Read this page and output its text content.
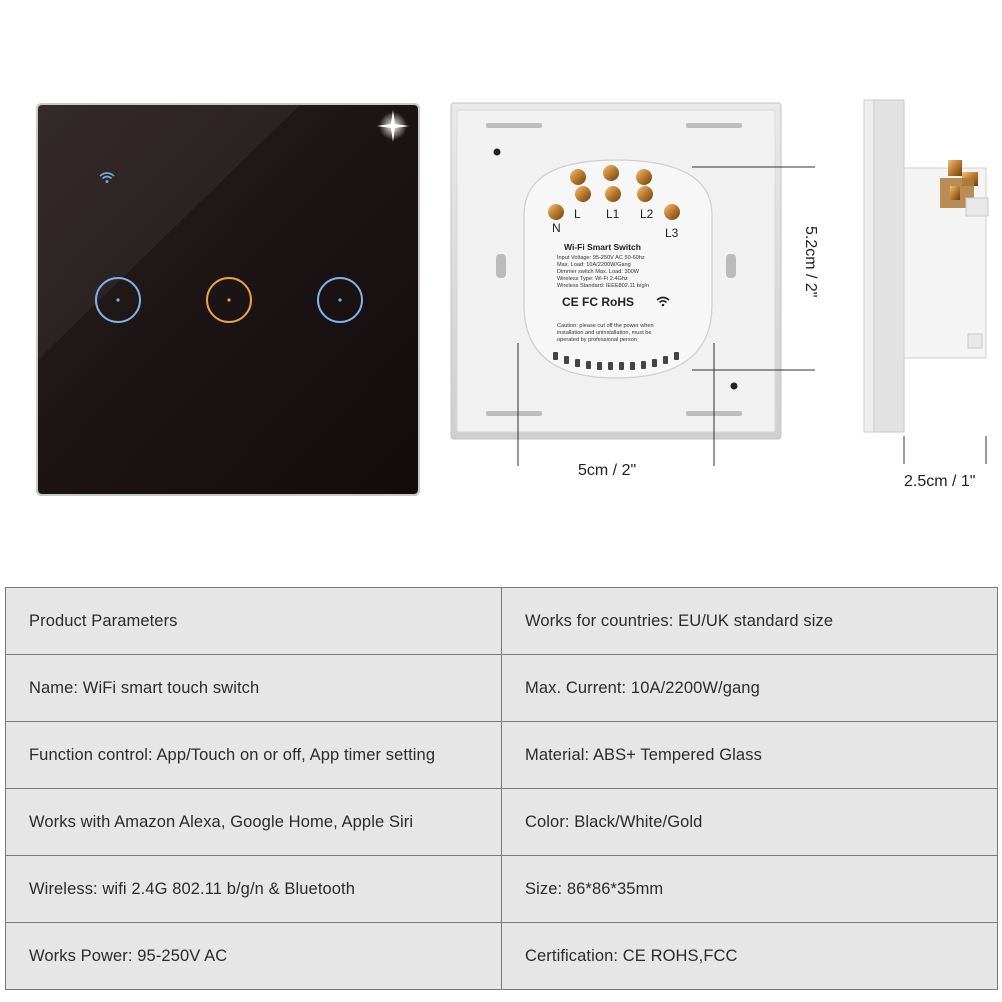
N
L L1 L2
L3
Wi-Fi Smart Switch
Input Voltage: 95-250V AC 50-60hz
Max. Load: 10A/2200W/Gang
Dimmer switch Max. Load: 300W
Wireless Type: Wi-Fi 2.4Ghz
Wireless Standard: IEEE802.11 b/g/n
CE FC RoHS
Caution: please cut off the power when
installation and uninstallation, must be
operated by professional person
5cm / 2"
5.2cm / 2"
2.5cm / 1"
Product Parameters	Works for countries: EU/UK standard size
Name: WiFi smart touch switch	Max. Current: 10A/2200W/gang
Function control: App/Touch on or off, App timer setting	Material: ABS+ Tempered Glass
Works with Amazon Alexa, Google Home, Apple Siri	Color: Black/White/Gold
Wireless: wifi 2.4G 802.11 b/g/n & Bluetooth	Size: 86*86*35mm
Works Power: 95-250V AC	Certification: CE ROHS,FCC
